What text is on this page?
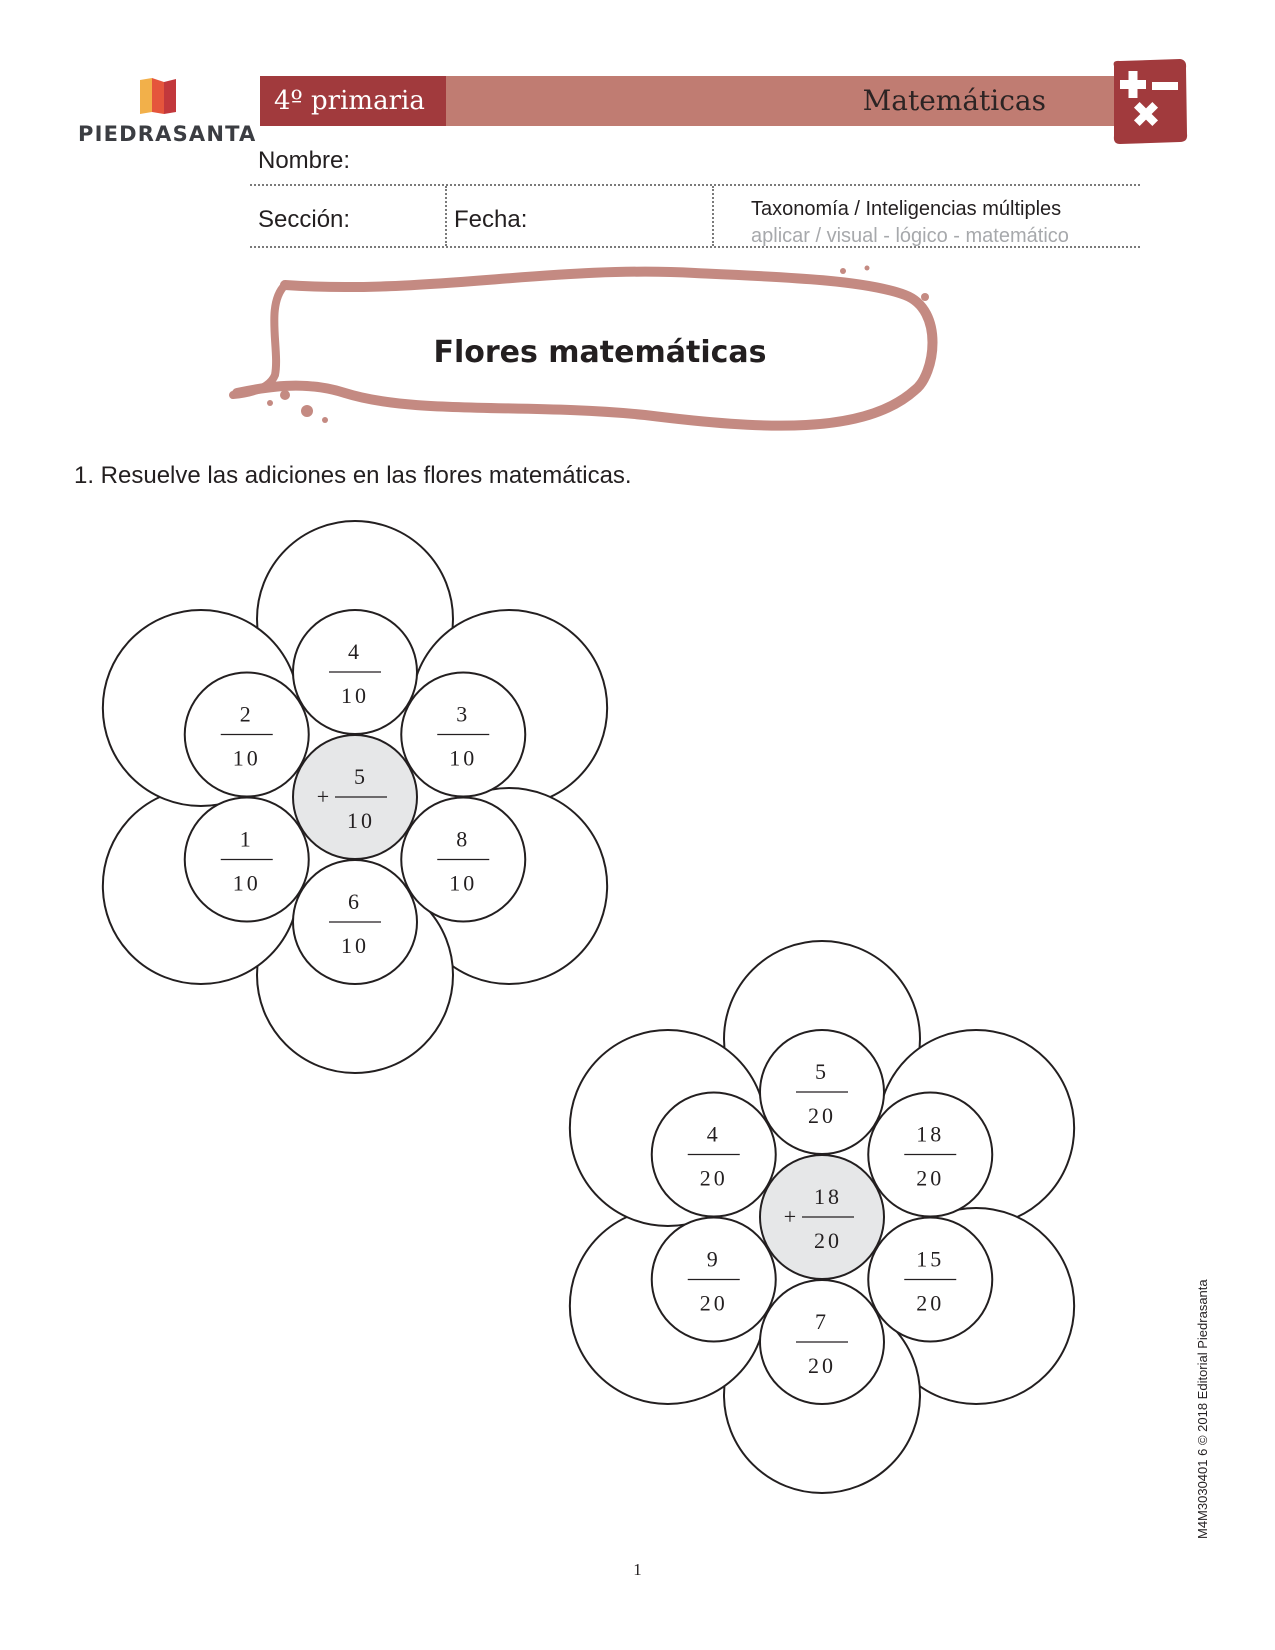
PIEDRASANTA
4º primaria	Matemáticas
Nombre:
Sección:	Fecha:	Taxonomía / Inteligencias múltiples
aplicar / visual - lógico - matemático
Flores matemáticas
1. Resuelve las adiciones en las flores matemáticas.
4
10
3
10
8
10
6
10
1
10
2
10
5
10
+
5
20
18
20
15
20
7
20
9
20
4
20
18
20
+
M4M3030401 6 © 2018 Editorial Piedrasanta
1
